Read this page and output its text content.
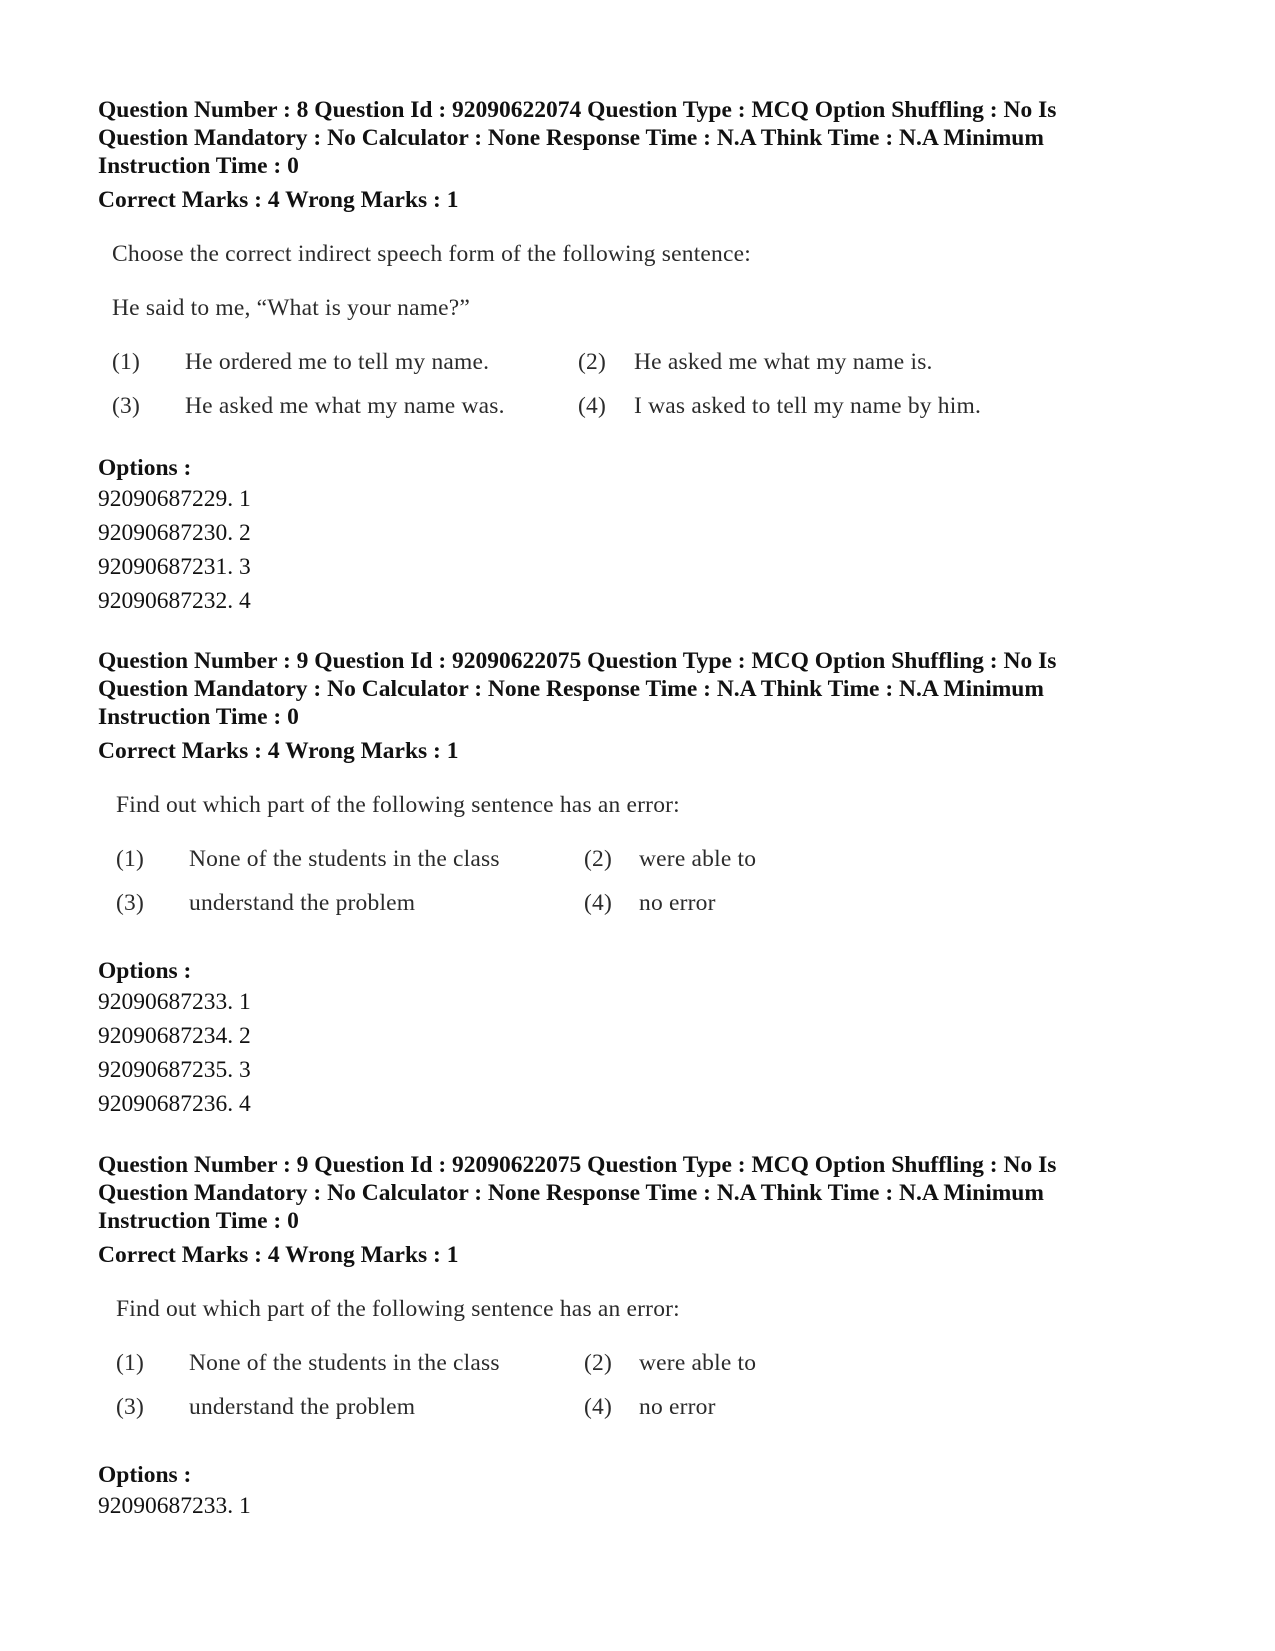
Question Number : 8 Question Id : 92090622074 Question Type : MCQ Option Shuffling : No Is
Question Mandatory : No Calculator : None Response Time : N.A Think Time : N.A Minimum
Instruction Time : 0

Correct Marks : 4 Wrong Marks : 1
Choose the correct indirect speech form of the following sentence:
He said to me, “What is your name?”
(1)	He ordered me to tell my name.	(2)	He asked me what my name is.
(3)	He asked me what my name was.	(4)	I was asked to tell my name by him.
Options :
92090687229. 1
92090687230. 2
92090687231. 3
92090687232. 4

Question Number : 9 Question Id : 92090622075 Question Type : MCQ Option Shuffling : No Is
Question Mandatory : No Calculator : None Response Time : N.A Think Time : N.A Minimum
Instruction Time : 0

Correct Marks : 4 Wrong Marks : 1
Find out which part of the following sentence has an error:
(1)	None of the students in the class	(2)	were able to
(3)	understand the problem	(4)	no error
Options :
92090687233. 1
92090687234. 2
92090687235. 3
92090687236. 4

Question Number : 9 Question Id : 92090622075 Question Type : MCQ Option Shuffling : No Is
Question Mandatory : No Calculator : None Response Time : N.A Think Time : N.A Minimum
Instruction Time : 0

Correct Marks : 4 Wrong Marks : 1
Find out which part of the following sentence has an error:
(1)	None of the students in the class	(2)	were able to
(3)	understand the problem	(4)	no error
Options :
92090687233. 1
